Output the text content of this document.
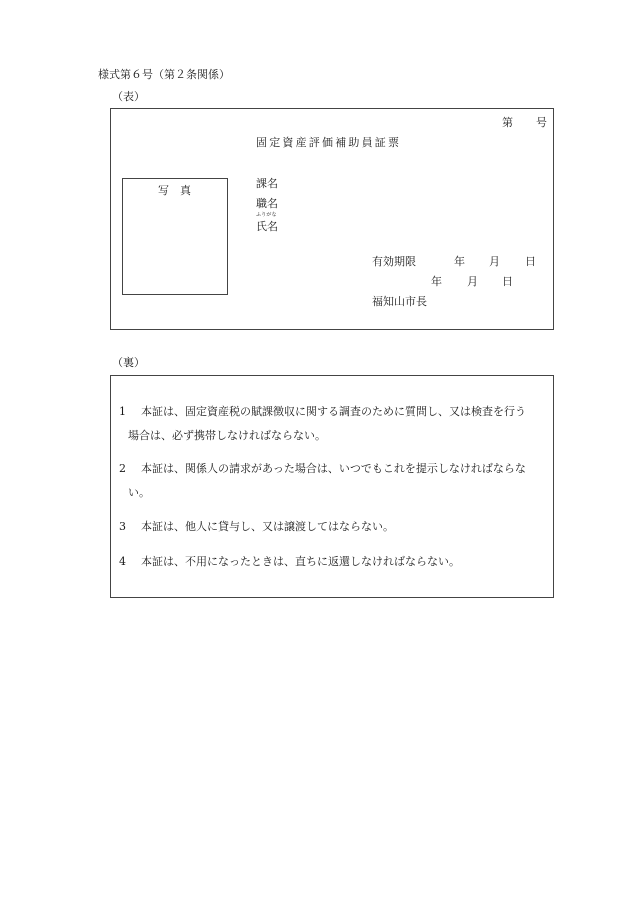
様式第６号（第２条関係）
（表）
第 号
固定資産評価補助員証票
写　真
課名
職名
ふりがな
氏名
有効期限	年 月 日
年 月 日
福知山市長
（裏）
1 本証は、固定資産税の賦課徴収に関する調査のために質問し、又は検査を行う
場合は、必ず携帯しなければならない。
2 本証は、関係人の請求があった場合は、いつでもこれを提示しなければならな
い。
3 本証は、他人に貸与し、又は譲渡してはならない。
4 本証は、不用になったときは、直ちに返還しなければならない。
